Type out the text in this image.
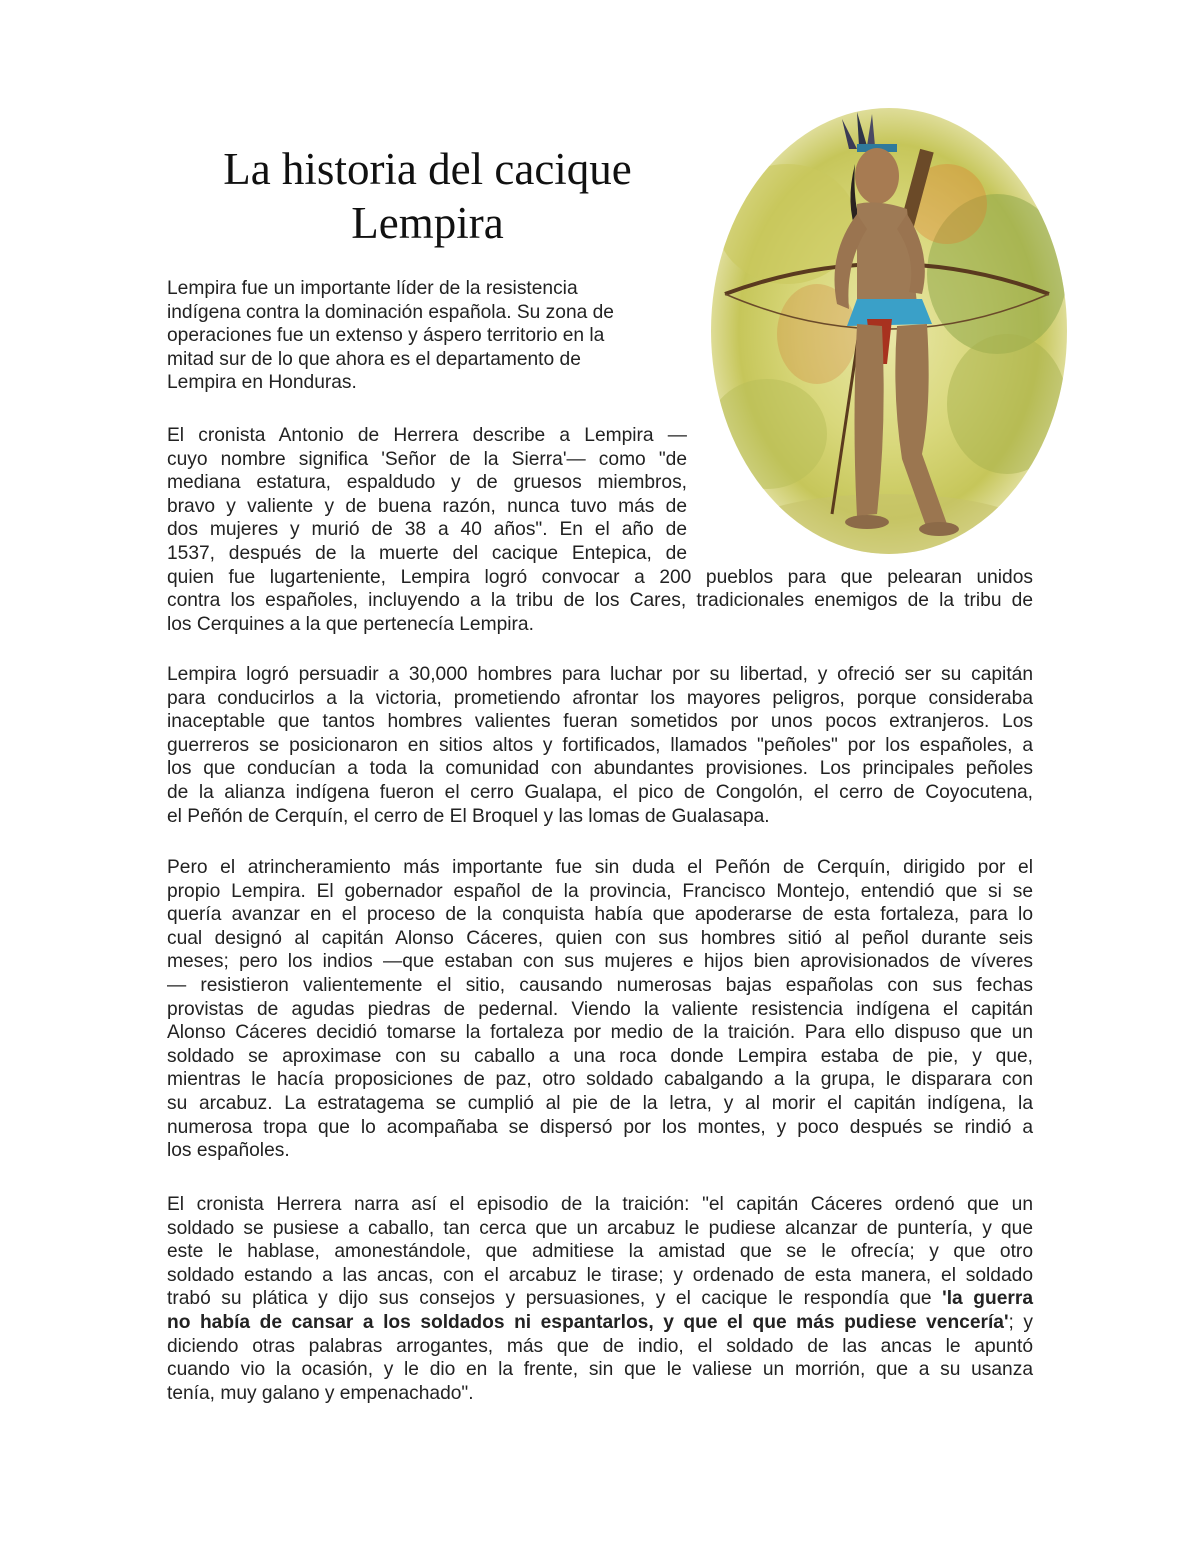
La historia del cacique
Lempira

Lempira fue un importante líder de la resistencia
indígena contra la dominación española. Su zona de
operaciones fue un extenso y áspero territorio en la
mitad sur de lo que ahora es el departamento de
Lempira en Honduras.

El cronista Antonio de Herrera describe a Lempira —
cuyo nombre significa 'Señor de la Sierra'— como "de
mediana estatura, espaldudo y de gruesos miembros,
bravo y valiente y de buena razón, nunca tuvo más de
dos mujeres y murió de 38 a 40 años". En el año de
1537, después de la muerte del cacique Entepica, de
quien fue lugarteniente, Lempira logró convocar a 200 pueblos para que pelearan unidos
contra los españoles, incluyendo a la tribu de los Cares, tradicionales enemigos de la tribu de
los Cerquines a la que pertenecía Lempira.

Lempira logró persuadir a 30,000 hombres para luchar por su libertad, y ofreció ser su capitán
para conducirlos a la victoria, prometiendo afrontar los mayores peligros, porque consideraba
inaceptable que tantos hombres valientes fueran sometidos por unos pocos extranjeros. Los
guerreros se posicionaron en sitios altos y fortificados, llamados "peñoles" por los españoles, a
los que conducían a toda la comunidad con abundantes provisiones. Los principales peñoles
de la alianza indígena fueron el cerro Gualapa, el pico de Congolón, el cerro de Coyocutena,
el Peñón de Cerquín, el cerro de El Broquel y las lomas de Gualasapa.

Pero el atrincheramiento más importante fue sin duda el Peñón de Cerquín, dirigido por el
propio Lempira. El gobernador español de la provincia, Francisco Montejo, entendió que si se
quería avanzar en el proceso de la conquista había que apoderarse de esta fortaleza, para lo
cual designó al capitán Alonso Cáceres, quien con sus hombres sitió al peñol durante seis
meses; pero los indios —que estaban con sus mujeres e hijos bien aprovisionados de víveres
— resistieron valientemente el sitio, causando numerosas bajas españolas con sus fechas
provistas de agudas piedras de pedernal. Viendo la valiente resistencia indígena el capitán
Alonso Cáceres decidió tomarse la fortaleza por medio de la traición. Para ello dispuso que un
soldado se aproximase con su caballo a una roca donde Lempira estaba de pie, y que,
mientras le hacía proposiciones de paz, otro soldado cabalgando a la grupa, le disparara con
su arcabuz. La estratagema se cumplió al pie de la letra, y al morir el capitán indígena, la
numerosa tropa que lo acompañaba se dispersó por los montes, y poco después se rindió a
los españoles.

El cronista Herrera narra así el episodio de la traición: "el capitán Cáceres ordenó que un
soldado se pusiese a caballo, tan cerca que un arcabuz le pudiese alcanzar de puntería, y que
este le hablase, amonestándole, que admitiese la amistad que se le ofrecía; y que otro
soldado estando a las ancas, con el arcabuz le tirase; y ordenado de esta manera, el soldado
trabó su plática y dijo sus consejos y persuasiones, y el cacique le respondía que 'la guerra
no había de cansar a los soldados ni espantarlos, y que el que más pudiese vencería'; y
diciendo otras palabras arrogantes, más que de indio, el soldado de las ancas le apuntó
cuando vio la ocasión, y le dio en la frente, sin que le valiese un morrión, que a su usanza
tenía, muy galano y empenachado".
